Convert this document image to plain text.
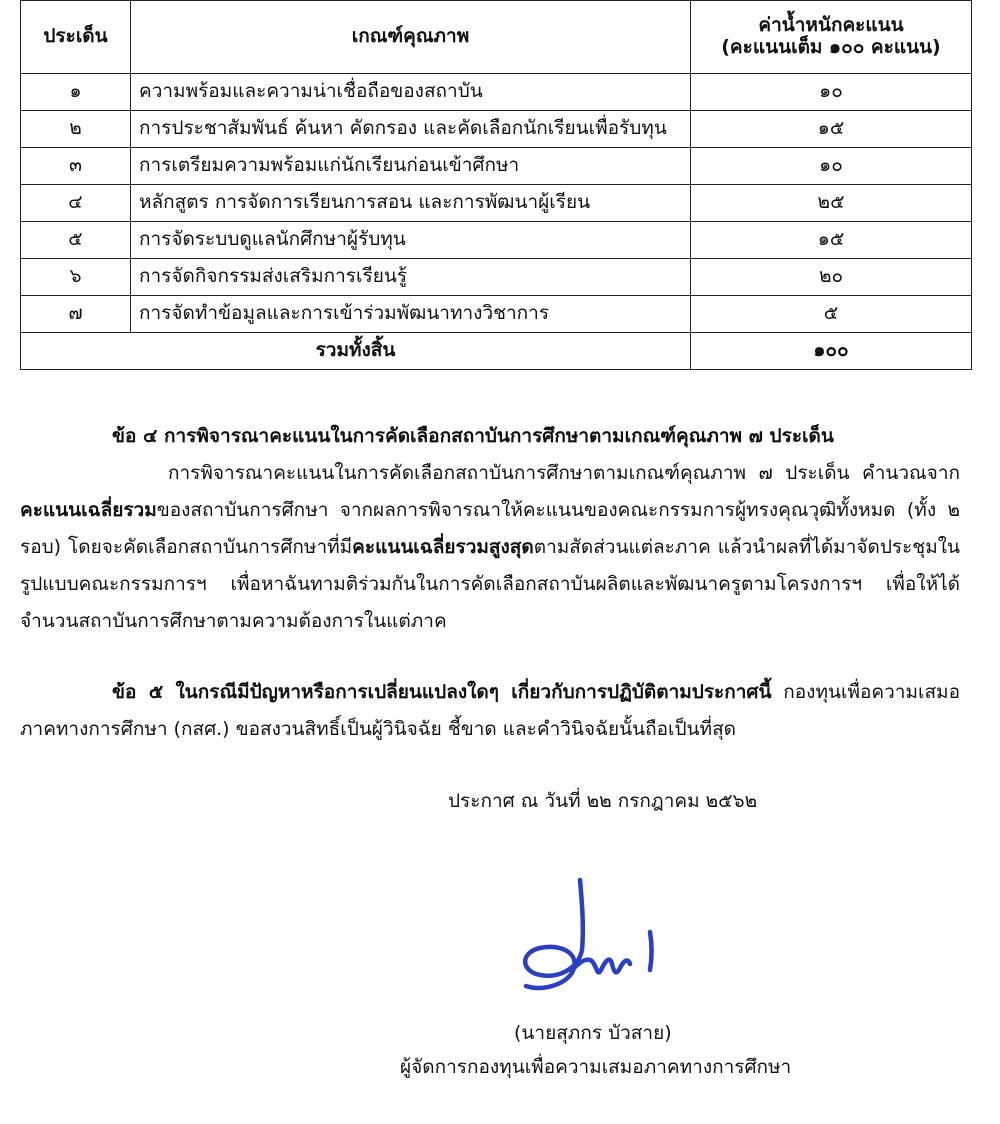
ประเด็น	เกณฑ์คุณภาพ	ค่าน้ำหนักคะแนน
(คะแนนเต็ม ๑๐๐ คะแนน)

๑	ความพร้อมและความน่าเชื่อถือของสถาบัน	๑๐
๒	การประชาสัมพันธ์ ค้นหา คัดกรอง และคัดเลือกนักเรียนเพื่อรับทุน	๑๕
๓	การเตรียมความพร้อมแก่นักเรียนก่อนเข้าศึกษา	๑๐
๔	หลักสูตร การจัดการเรียนการสอน และการพัฒนาผู้เรียน	๒๕
๕	การจัดระบบดูแลนักศึกษาผู้รับทุน	๑๕
๖	การจัดกิจกรรมส่งเสริมการเรียนรู้	๒๐
๗	การจัดทำข้อมูลและการเข้าร่วมพัฒนาทางวิชาการ	๕
รวมทั้งสิ้น		๑๐๐

ข้อ ๔ การพิจารณาคะแนนในการคัดเลือกสถาบันการศึกษาตามเกณฑ์คุณภาพ ๗ ประเด็น

การพิจารณาคะแนนในการคัดเลือกสถาบันการศึกษาตามเกณฑ์คุณภาพ ๗ ประเด็น คำนวณจากคะแนนเฉลี่ยรวมของสถาบันการศึกษา จากผลการพิจารณาให้คะแนนของคณะกรรมการผู้ทรงคุณวุฒิทั้งหมด (ทั้ง ๒ รอบ) โดยจะคัดเลือกสถาบันการศึกษาที่มีคะแนนเฉลี่ยรวมสูงสุดตามสัดส่วนแต่ละภาค แล้วนำผลที่ได้มาจัดประชุมในรูปแบบคณะกรรมการฯ เพื่อหาฉันทามติร่วมกันในการคัดเลือกสถาบันผลิตและพัฒนาครูตามโครงการฯ เพื่อให้ได้จำนวนสถาบันการศึกษาตามความต้องการในแต่ภาค

ข้อ ๕ ในกรณีมีปัญหาหรือการเปลี่ยนแปลงใดๆ เกี่ยวกับการปฏิบัติตามประกาศนี้ กองทุนเพื่อความเสมอภาคทางการศึกษา (กสศ.) ขอสงวนสิทธิ์เป็นผู้วินิจฉัย ชี้ขาด และคำวินิจฉัยนั้นถือเป็นที่สุด

ประกาศ ณ วันที่ ๒๒ กรกฎาคม ๒๕๖๒
(นายสุภกร บัวสาย)
ผู้จัดการกองทุนเพื่อความเสมอภาคทางการศึกษา
